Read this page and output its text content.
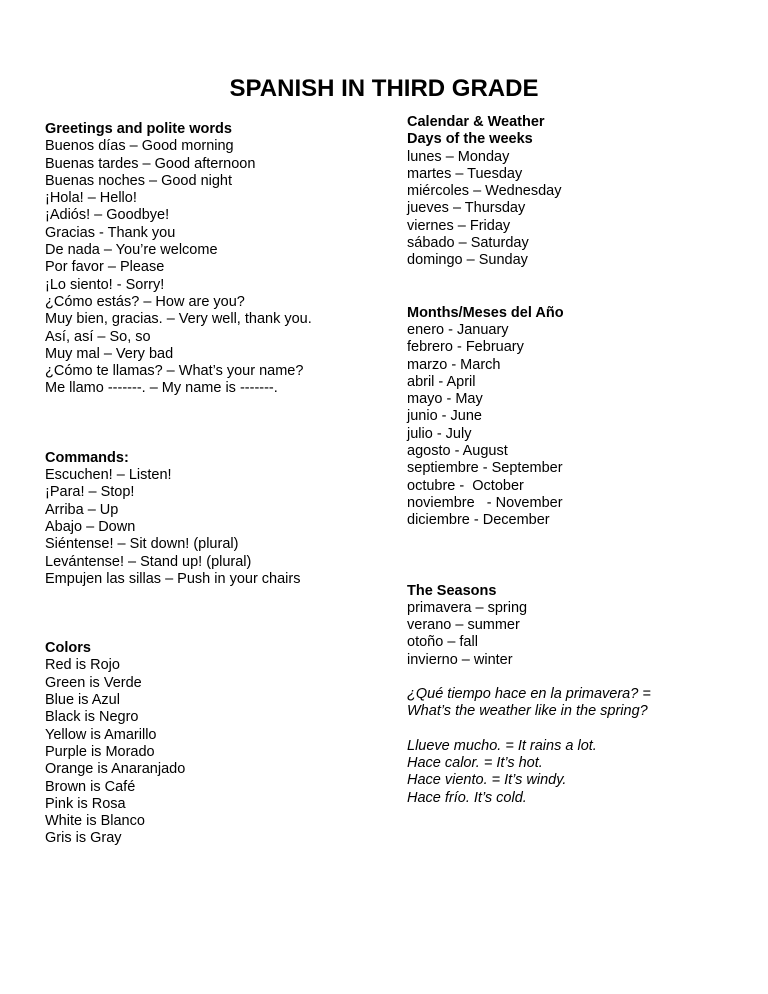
SPANISH IN THIRD GRADE
Greetings and polite words
Buenos días – Good morning
Buenas tardes – Good afternoon
Buenas noches – Good night
¡Hola! – Hello!
¡Adiós! – Goodbye!
Gracias - Thank you
De nada – You’re welcome
Por favor – Please
¡Lo siento! - Sorry!
¿Cómo estás? – How are you?
Muy bien, gracias. – Very well, thank you.
Así, así – So, so
Muy mal – Very bad
¿Cómo te llamas? – What’s your name?
Me llamo -------. – My name is -------.
Commands:
Escuchen! – Listen!
¡Para! – Stop!
Arriba – Up
Abajo – Down
Siéntense! – Sit down! (plural)
Levántense! – Stand up! (plural)
Empujen las sillas – Push in your chairs
Colors
Red is Rojo
Green is Verde
Blue is Azul
Black is Negro
Yellow is Amarillo
Purple is Morado
Orange is Anaranjado
Brown is Café
Pink is Rosa
White is Blanco
Gris is Gray
Calendar & Weather
Days of the weeks
lunes – Monday
martes – Tuesday
miércoles – Wednesday
jueves – Thursday
viernes – Friday
sábado – Saturday
domingo – Sunday
Months/Meses del Año
enero - January
febrero - February
marzo - March
abril - April
mayo - May
junio - June
julio - July
agosto - August
septiembre - September
octubre -  October
noviembre   - November
diciembre - December
The Seasons
primavera – spring
verano – summer
otoño – fall
invierno – winter
¿Qué tiempo hace en la primavera? =
What’s the weather like in the spring?
Llueve mucho. = It rains a lot.
Hace calor. = It’s hot.
Hace viento. = It’s windy.
Hace frío. It’s cold.
